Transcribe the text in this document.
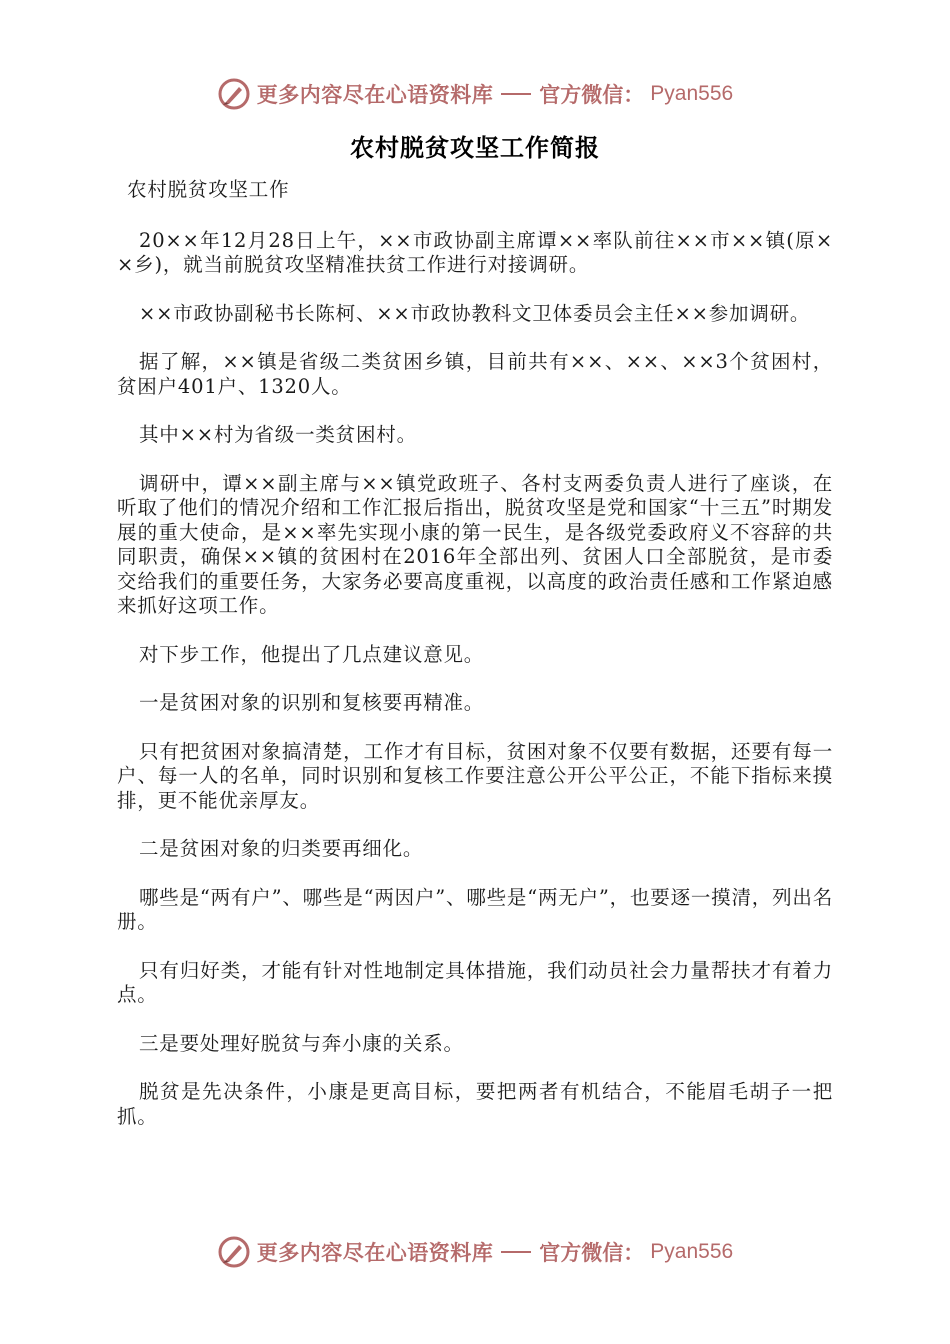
更多内容尽在心语资料库 官方微信： Pyan556
农村脱贫攻坚工作简报

农村脱贫攻坚工作

20××年12月28日上午，××市政协副主席谭××率队前往××市××镇(原××乡)，就当前脱贫攻坚精准扶贫工作进行对接调研。

××市政协副秘书长陈柯、××市政协教科文卫体委员会主任××参加调研。

据了解，××镇是省级二类贫困乡镇，目前共有××、××、××3个贫困村，贫困户401户、1320人。

其中××村为省级一类贫困村。

调研中，谭××副主席与××镇党政班子、各村支两委负责人进行了座谈，在听取了他们的情况介绍和工作汇报后指出，脱贫攻坚是党和国家“十三五”时期发展的重大使命，是××率先实现小康的第一民生，是各级党委政府义不容辞的共同职责，确保××镇的贫困村在2016年全部出列、贫困人口全部脱贫，是市委交给我们的重要任务，大家务必要高度重视，以高度的政治责任感和工作紧迫感来抓好这项工作。

对下步工作，他提出了几点建议意见。

一是贫困对象的识别和复核要再精准。

只有把贫困对象搞清楚，工作才有目标，贫困对象不仅要有数据，还要有每一户、每一人的名单，同时识别和复核工作要注意公开公平公正，不能下指标来摸排，更不能优亲厚友。

二是贫困对象的归类要再细化。

哪些是“两有户”、哪些是“两因户”、哪些是“两无户”，也要逐一摸清，列出名册。

只有归好类，才能有针对性地制定具体措施，我们动员社会力量帮扶才有着力点。

三是要处理好脱贫与奔小康的关系。

脱贫是先决条件，小康是更高目标，要把两者有机结合，不能眉毛胡子一把抓。

更多内容尽在心语资料库 官方微信： Pyan556
